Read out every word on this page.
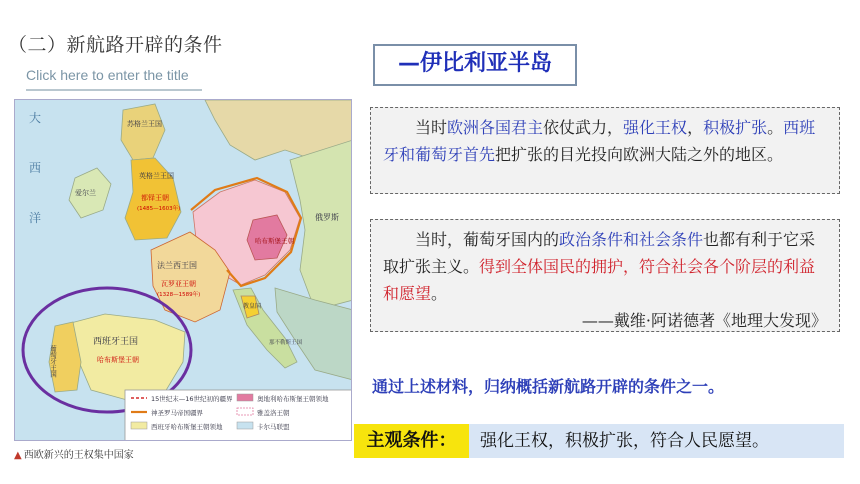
（二）新航路开辟的条件
Click here to enter the title
大
西
洋
苏格兰王国
爱尔兰
英格兰王国
都铎王朝
(1485—1603年)
法兰西王国
瓦罗亚王朝
(1328—1589年)
哈布斯堡王朝
西班牙王国
哈布斯堡王朝
葡萄牙王国
教皇国
那不勒斯王国
俄罗斯
15世纪末—16世纪初的疆界
神圣罗马帝国疆界
西班牙哈布斯堡王朝领地
奥地利哈布斯堡王朝领地
雅盖洛王朝
卡尔马联盟
▲ 西欧新兴的王权集中国家
—伊比利亚半岛
当时欧洲各国君主依仗武力，强化王权，积极扩张。西班牙和葡萄牙首先把扩张的目光投向欧洲大陆之外的地区。
当时，葡萄牙国内的政治条件和社会条件也都有利于它采取扩张主义。得到全体国民的拥护，符合社会各个阶层的利益和愿望。
——戴维·阿诺德著《地理大发现》
通过上述材料，归纳概括新航路开辟的条件之一。
主观条件：	强化王权，积极扩张，符合人民愿望。
